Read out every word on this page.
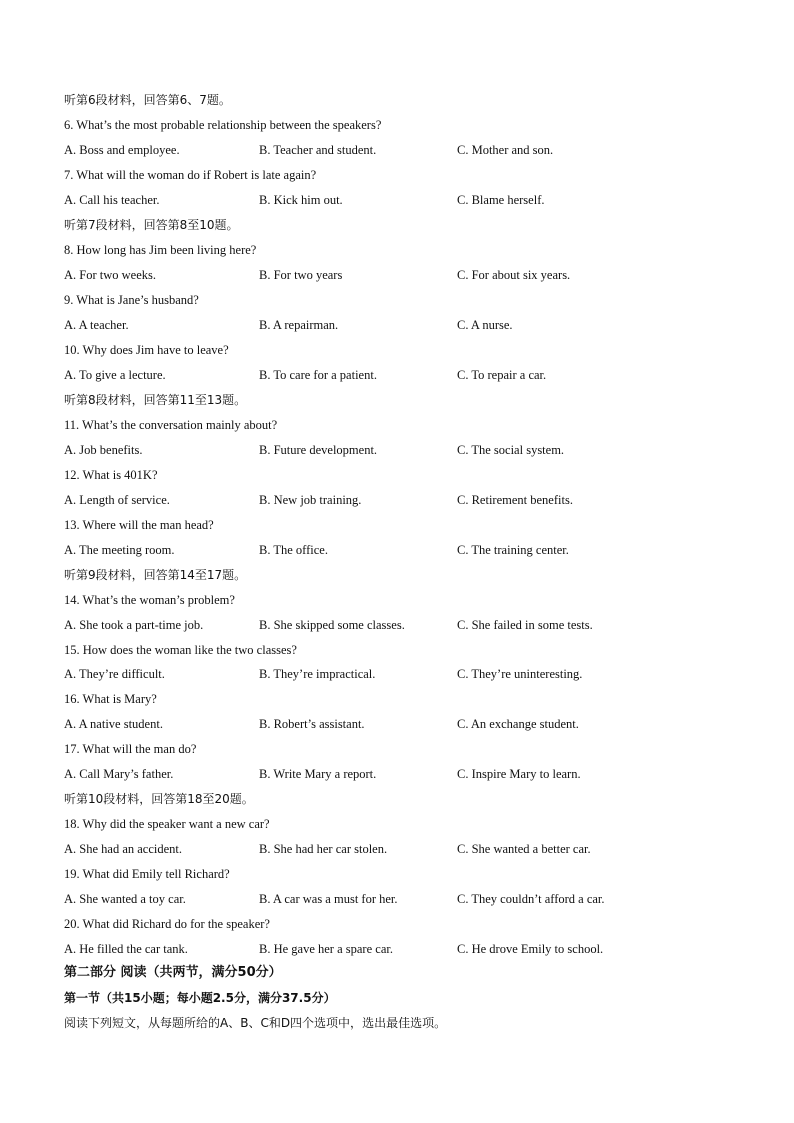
听第6段材料，回答第6、7题。
6. What’s the most probable relationship between the speakers?
A. Boss and employee.	B. Teacher and student.	C. Mother and son.
7. What will the woman do if Robert is late again?
A. Call his teacher.	B. Kick him out.	C. Blame herself.
听第7段材料，回答第8至10题。
8. How long has Jim been living here?
A. For two weeks.	B. For two years	C. For about six years.
9. What is Jane’s husband?
A. A teacher.	B. A repairman.	C. A nurse.
10. Why does Jim have to leave?
A. To give a lecture.	B. To care for a patient.	C. To repair a car.
听第8段材料，回答第11至13题。
11. What’s the conversation mainly about?
A. Job benefits.	B. Future development.	C. The social system.
12. What is 401K?
A. Length of service.	B. New job training.	C. Retirement benefits.
13. Where will the man head?
A. The meeting room.	B. The office.	C. The training center.
听第9段材料，回答第14至17题。
14. What’s the woman’s problem?
A. She took a part-time job.	B. She skipped some classes.	C. She failed in some tests.
15. How does the woman like the two classes?
A. They’re difficult.	B. They’re impractical.	C. They’re uninteresting.
16. What is Mary?
A. A native student.	B. Robert’s assistant.	C. An exchange student.
17. What will the man do?
A. Call Mary’s father.	B. Write Mary a report.	C. Inspire Mary to learn.
听第10段材料，回答第18至20题。
18. Why did the speaker want a new car?
A. She had an accident.	B. She had her car stolen.	C. She wanted a better car.
19. What did Emily tell Richard?
A. She wanted a toy car.	B. A car was a must for her.	C. They couldn’t afford a car.
20. What did Richard do for the speaker?
A. He filled the car tank.	B. He gave her a spare car.	C. He drove Emily to school.
第二部分 阅读（共两节，满分50分）
第一节（共15小题；每小题2.5分，满分37.5分）
阅读下列短文，从每题所给的A、B、C和D四个选项中，选出最佳选项。
